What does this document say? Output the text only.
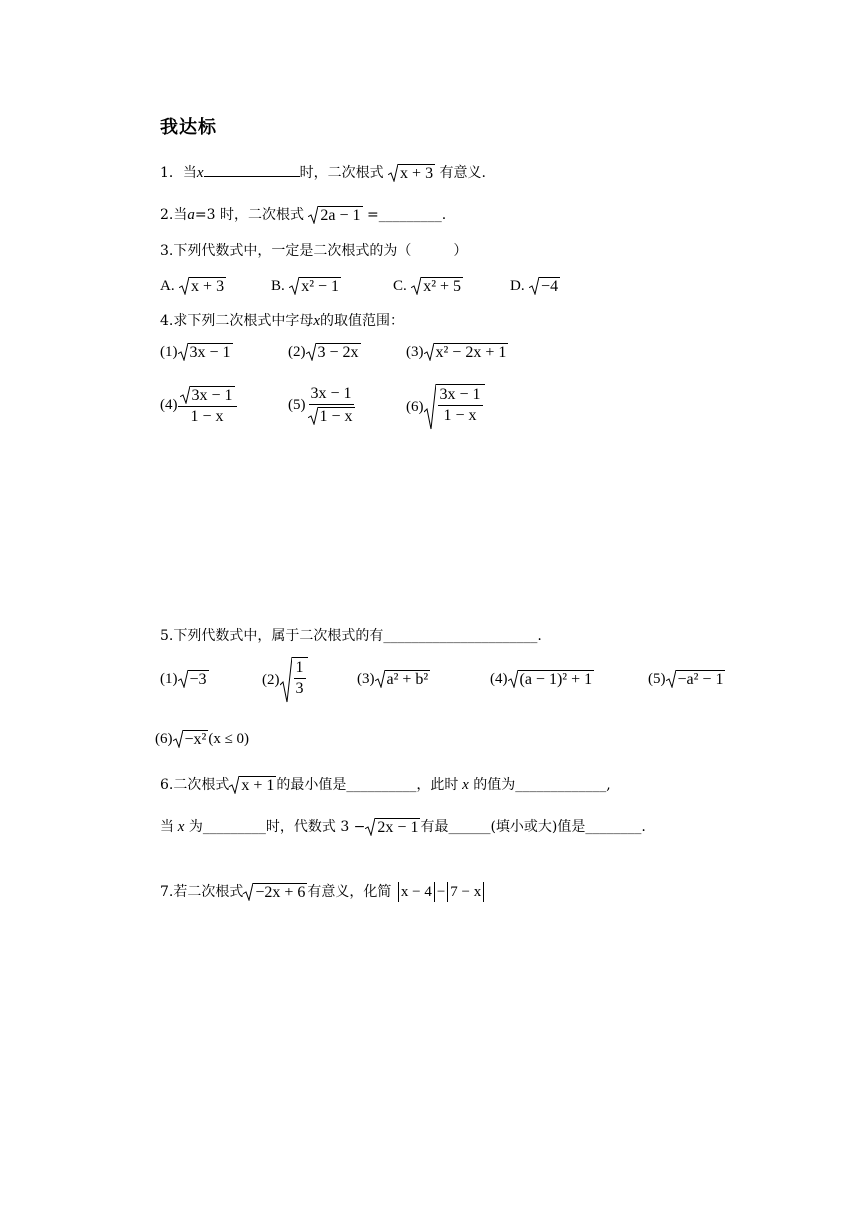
我达标
1．当x	时，二次根式 x + 3 有意义.
2.当a=3 时，二次根式 2a − 1 =_________.
3.下列代数式中，一定是二次根式的为（　　　）
A. x + 3	B. x² − 1	C. x² + 5	D. −4
4.求下列二次根式中字母x的取值范围：
(1) 3x − 1	(2) 3 − 2x	(3) x² − 2x + 1
$(4) \frac{3x - 1}{1 - x}$	$(5) \frac{3x - 1}{1 - x}$	$(6) \frac{3x - 1}{1 - x}$
5.下列代数式中，属于二次根式的有______________________.
(1) −3	$(2) \frac{1}{3}$	(3) a² + b²	(4) (a − 1)² + 1	(5) −a² − 1
(6) −x² (x ≤ 0)
6.二次根式 x + 1 的最小值是__________，此时 x 的值为_____________,
当 x 为_________时，代数式 3 − 2x − 1 有最______(填小或大)值是________.
7.若二次根式 −2x + 6 有意义，化简 x − 4 − 7 − x
